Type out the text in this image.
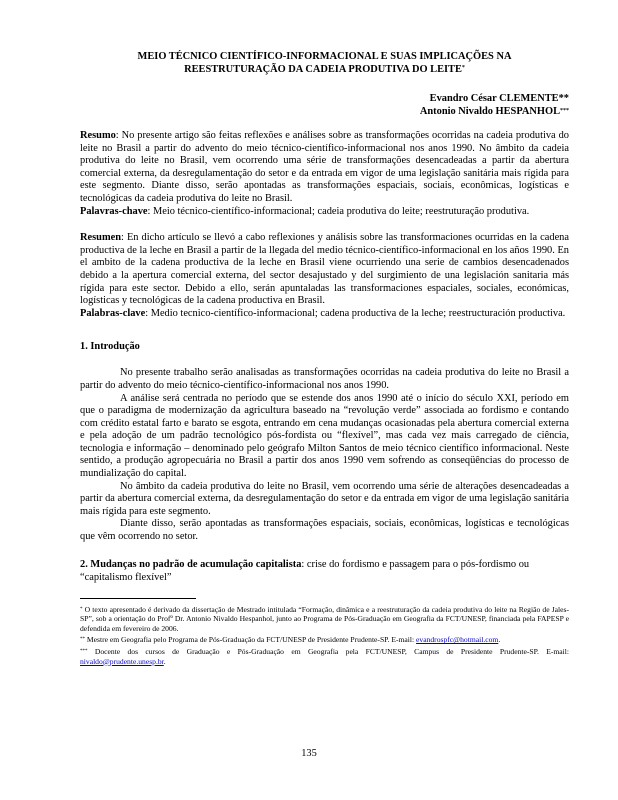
MEIO TÉCNICO CIENTÍFICO-INFORMACIONAL E SUAS IMPLICAÇÕES NA

REESTRUTURAÇÃO DA CADEIA PRODUTIVA DO LEITE*

Evandro César CLEMENTE**
Antonio Nivaldo HESPANHOL***

Resumo: No presente artigo são feitas reflexões e análises sobre as transformações ocorridas na cadeia produtiva do leite no Brasil a partir do advento do meio técnico-científico-informacional nos anos 1990. No âmbito da cadeia produtiva do leite no Brasil, vem ocorrendo uma série de transformações desencadeadas a partir da abertura comercial externa, da desregulamentação do setor e da entrada em vigor de uma legislação sanitária mais rígida para este segmento. Diante disso, serão apontadas as transformações espaciais, sociais, econômicas, logísticas e tecnológicas da cadeia produtiva do leite no Brasil.

Palavras-chave: Meio técnico-científico-informacional; cadeia produtiva do leite; reestruturação produtiva.

Resumen: En dicho artículo se llevó a cabo reflexiones y análisis sobre las transformaciones ocurridas en la cadena productiva de la leche en Brasil a partir de la llegada del medio técnico-científico-informacional en los años 1990. En el ambito de la cadena productiva de la leche en Brasil viene ocurriendo una serie de cambios desencadenados debido a la apertura comercial externa, del sector desajustado y del surgimiento de una legislación sanitaria más rígida para este sector. Debido a ello, serán apuntaladas las transformaciones espaciales, sociales, económicas, logísticas y tecnológicas de la cadena productiva en Brasil.

Palabras-clave: Medio tecnico-científico-informacional; cadena productiva de la leche; reestructuración productiva.

1. Introdução

No presente trabalho serão analisadas as transformações ocorridas na cadeia produtiva do leite no Brasil a partir do advento do meio técnico-científico-informacional nos anos 1990.

A análise será centrada no período que se estende dos anos 1990 até o início do século XXI, período em que o paradigma de modernização da agricultura baseado na “revolução verde” associada ao fordismo e contando com crédito estatal farto e barato se esgota, entrando em cena mudanças ocasionadas pela abertura comercial externa e pela adoção de um padrão tecnológico pós-fordista ou “flexível”, mas cada vez mais carregado de ciência, tecnologia e informação – denominado pelo geógrafo Milton Santos de meio técnico científico informacional. Neste sentido, a produção agropecuária no Brasil a partir dos anos 1990 vem sofrendo as conseqüências do processo de mundialização do capital.

No âmbito da cadeia produtiva do leite no Brasil, vem ocorrendo uma série de alterações desencadeadas a partir da abertura comercial externa, da desregulamentação do setor e da entrada em vigor de uma legislação sanitária mais rígida para este segmento.

Diante disso, serão apontadas as transformações espaciais, sociais, econômicas, logísticas e tecnológicas que vêm ocorrendo no setor.

2. Mudanças no padrão de acumulação capitalista: crise do fordismo e passagem para o pós-fordismo ou “capitalismo flexível”

* O texto apresentado é derivado da dissertação de Mestrado intitulada “Formação, dinâmica e a reestruturação da cadeia produtiva do leite na Região de Jales-SP”, sob a orientação do Profº Dr. Antonio Nivaldo Hespanhol, junto ao Programa de Pós-Graduação em Geografia da FCT/UNESP, financiada pela FAPESP e defendida em fevereiro de 2006.

** Mestre em Geografia pelo Programa de Pós-Graduação da FCT/UNESP de Presidente Prudente-SP. E-mail: evandrospfc@hotmail.com.

*** Docente dos cursos de Graduação e Pós-Graduação em Geografia pela FCT/UNESP, Campus de Presidente Prudente-SP. E-mail: nivaldo@prudente.unesp.br.

135
